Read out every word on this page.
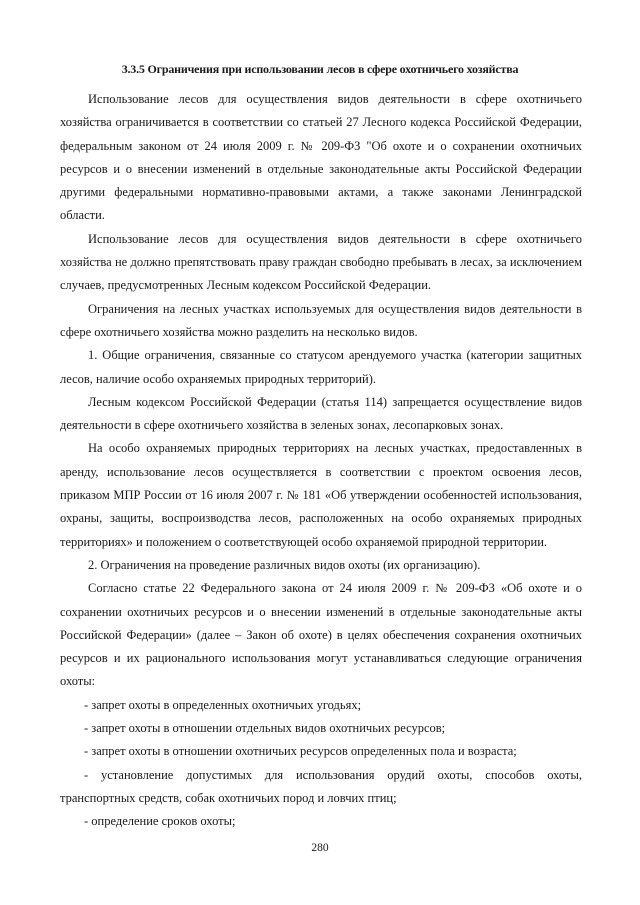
3.3.5 Ограничения при использовании лесов в сфере охотничьего хозяйства

Использование лесов для осуществления видов деятельности в сфере охотничьего хозяйства ограничивается в соответствии со статьей 27 Лесного кодекса Российской Федерации, федеральным законом от 24 июля 2009 г. № 209-ФЗ "Об охоте и о сохранении охотничьих ресурсов и о внесении изменений в отдельные законодательные акты Российской Федерации другими федеральными нормативно-правовыми актами, а также законами Ленинградской области.

Использование лесов для осуществления видов деятельности в сфере охотничьего хозяйства не должно препятствовать праву граждан свободно пребывать в лесах, за исключением случаев, предусмотренных Лесным кодексом Российской Федерации.

Ограничения на лесных участках используемых для осуществления видов деятельности в сфере охотничьего хозяйства можно разделить на несколько видов.

1. Общие ограничения, связанные со статусом арендуемого участка (категории защитных лесов, наличие особо охраняемых природных территорий).

Лесным кодексом Российской Федерации (статья 114) запрещается осуществление видов деятельности в сфере охотничьего хозяйства в зеленых зонах, лесопарковых зонах.

На особо охраняемых природных территориях на лесных участках, предоставленных в аренду, использование лесов осуществляется в соответствии с проектом освоения лесов, приказом МПР России от 16 июля 2007 г. № 181 «Об утверждении особенностей использования, охраны, защиты, воспроизводства лесов, расположенных на особо охраняемых природных территориях» и положением о соответствующей особо охраняемой природной территории.

2. Ограничения на проведение различных видов охоты (их организацию).

Согласно статье 22 Федерального закона от 24 июля 2009 г. № 209-ФЗ «Об охоте и о сохранении охотничьих ресурсов и о внесении изменений в отдельные законодательные акты Российской Федерации» (далее – Закон об охоте) в целях обеспечения сохранения охотничьих ресурсов и их рационального использования могут устанавливаться следующие ограничения охоты:

- запрет охоты в определенных охотничьих угодьях;

- запрет охоты в отношении отдельных видов охотничьих ресурсов;

- запрет охоты в отношении охотничьих ресурсов определенных пола и возраста;

- установление допустимых для использования орудий охоты, способов охоты, транспортных средств, собак охотничьих пород и ловчих птиц;

- определение сроков охоты;

280
